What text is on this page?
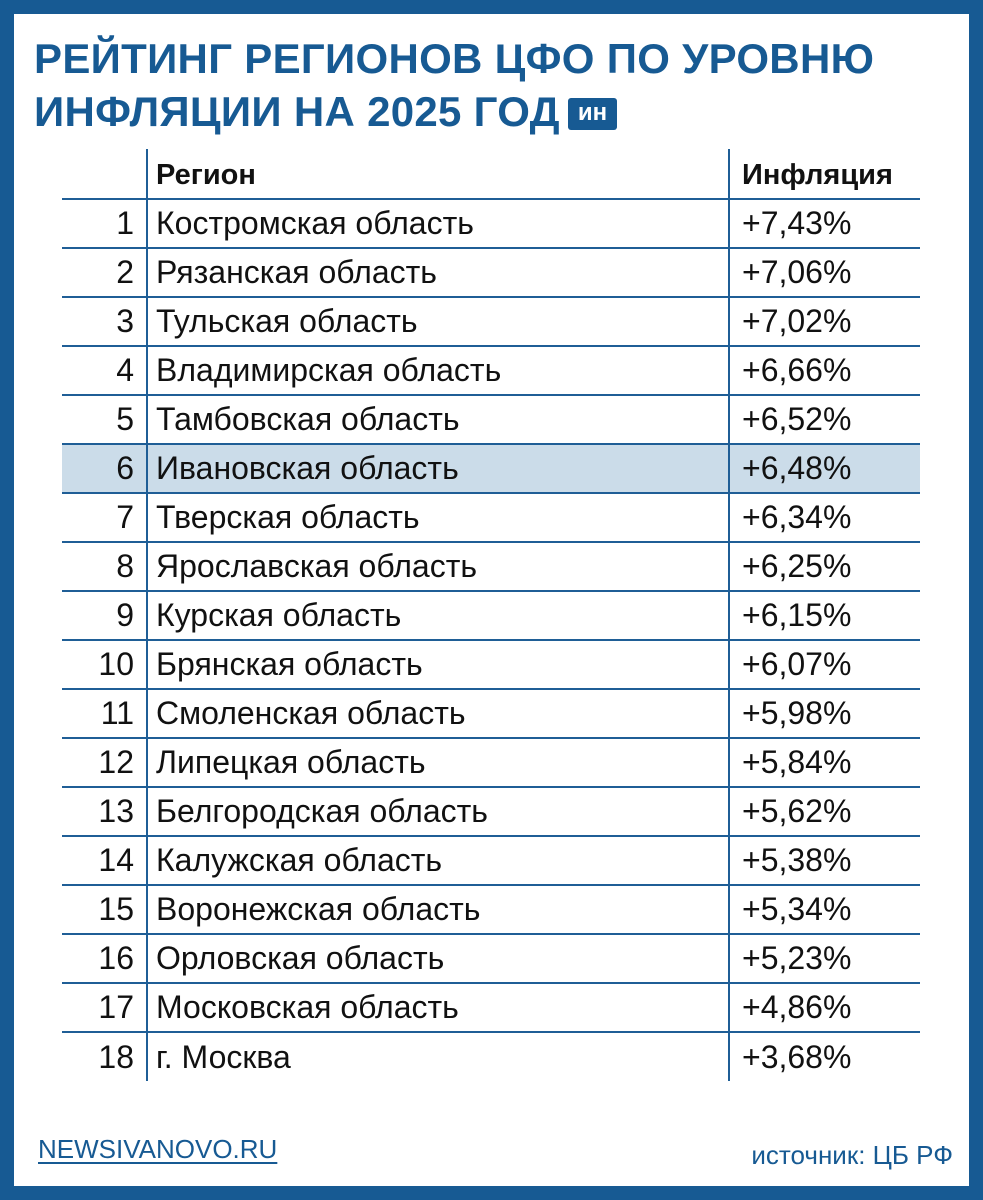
РЕЙТИНГ РЕГИОНОВ ЦФО ПО УРОВНЮ
ИНФЛЯЦИИ НА 2025 ГОД ин
	Регион	Инфляция
1	Костромская область	+7,43%
2	Рязанская область	+7,06%
3	Тульская область	+7,02%
4	Владимирская область	+6,66%
5	Тамбовская область	+6,52%
6	Ивановская область	+6,48%
7	Тверская область	+6,34%
8	Ярославская область	+6,25%
9	Курская область	+6,15%
10	Брянская область	+6,07%
11	Смоленская область	+5,98%
12	Липецкая область	+5,84%
13	Белгородская область	+5,62%
14	Калужская область	+5,38%
15	Воронежская область	+5,34%
16	Орловская область	+5,23%
17	Московская область	+4,86%
18	г. Москва	+3,68%
NEWSIVANOVO.RU	источник: ЦБ РФ
